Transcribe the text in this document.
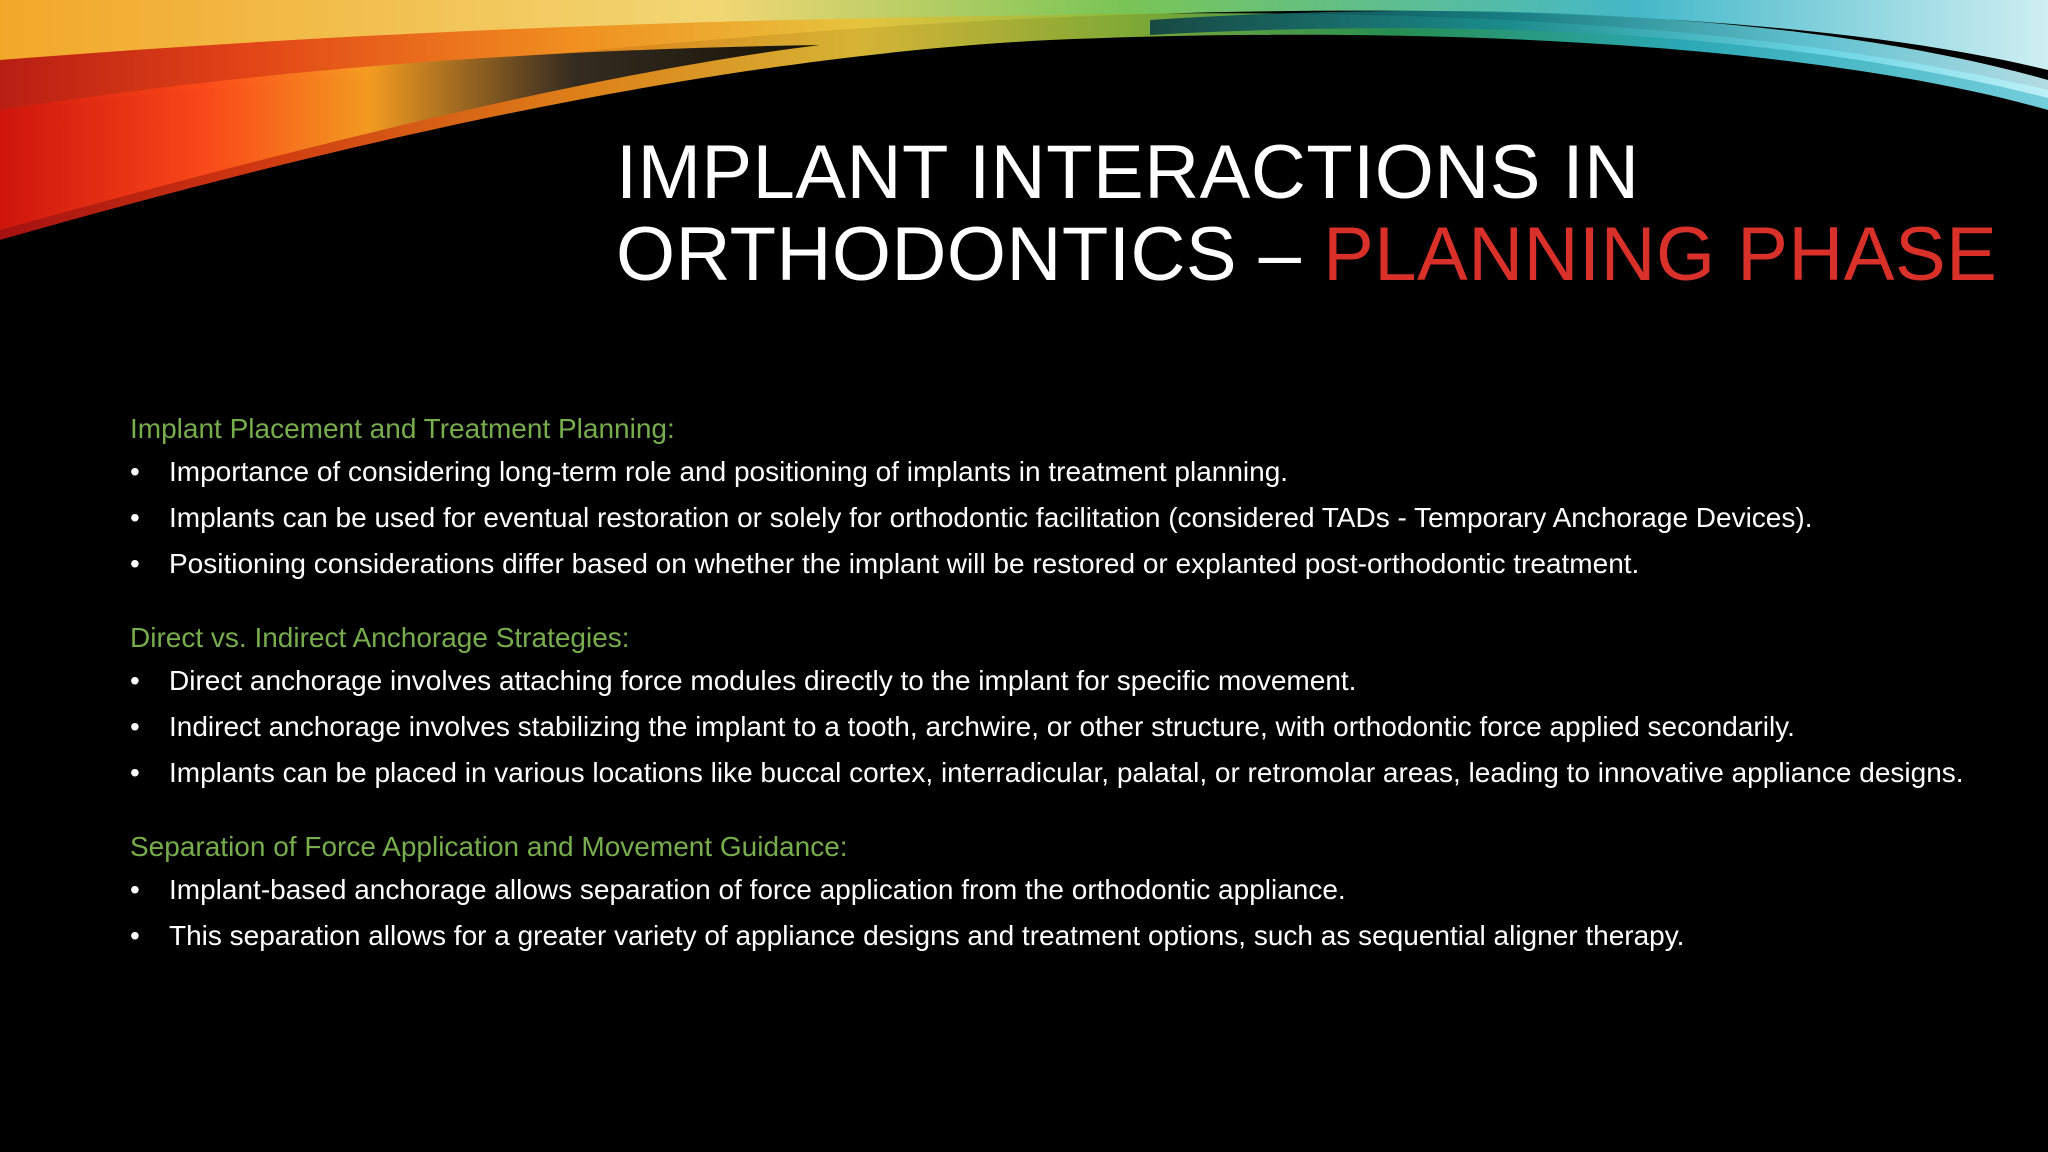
IMPLANT INTERACTIONS IN ORTHODONTICS – PLANNING PHASE
Implant Placement and Treatment Planning:
•	Importance of considering long-term role and positioning of implants in treatment planning.
•	Implants can be used for eventual restoration or solely for orthodontic facilitation (considered TADs - Temporary Anchorage Devices).
•	Positioning considerations differ based on whether the implant will be restored or explanted post-orthodontic treatment.
Direct vs. Indirect Anchorage Strategies:
•	Direct anchorage involves attaching force modules directly to the implant for specific movement.
•	Indirect anchorage involves stabilizing the implant to a tooth, archwire, or other structure, with orthodontic force applied secondarily.
•	Implants can be placed in various locations like buccal cortex, interradicular, palatal, or retromolar areas, leading to innovative appliance designs.
Separation of Force Application and Movement Guidance:
•	Implant-based anchorage allows separation of force application from the orthodontic appliance.
•	This separation allows for a greater variety of appliance designs and treatment options, such as sequential aligner therapy.
